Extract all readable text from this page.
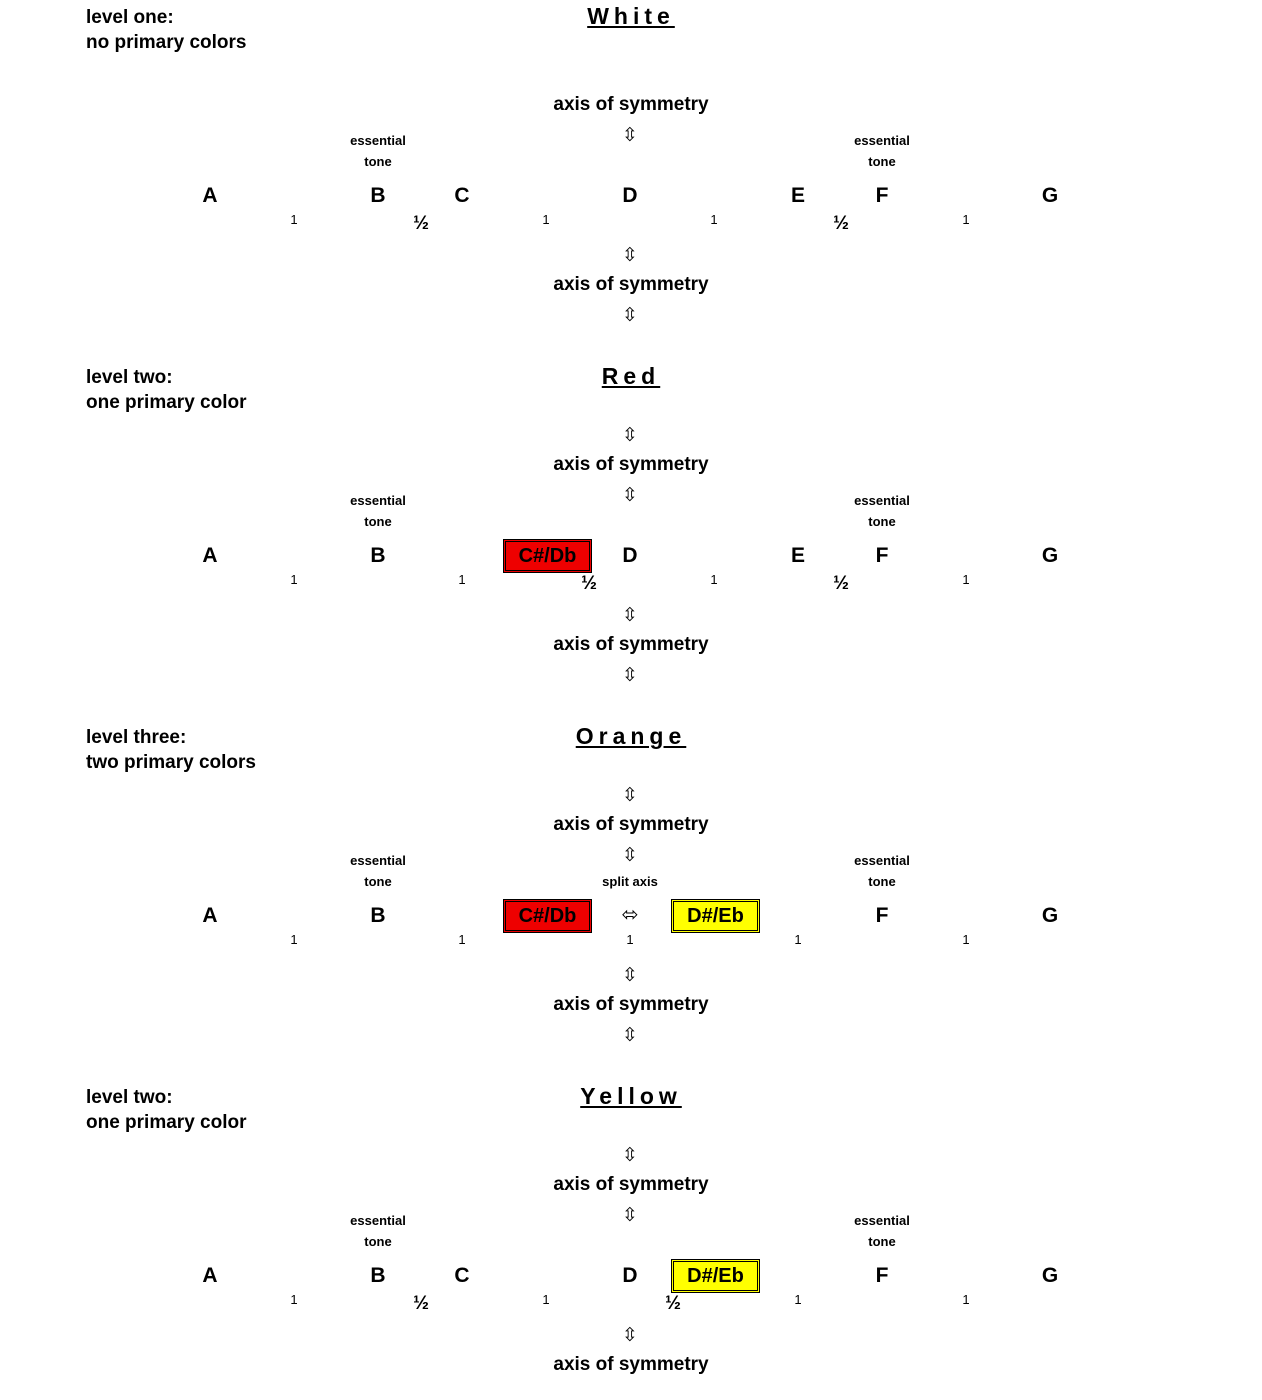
level one:
no primary colors
White
axis of symmetry
⇳
essential
tone
essential
tone
A	B	C	D	E	F	G
1	½	1	1	½	1
⇳
axis of symmetry
⇳
level two:
one primary color
Red
⇳
axis of symmetry
⇳
essential
tone
essential
tone
A	B	C#/Db	D	E	F	G
1	1	½	1	½	1
⇳
axis of symmetry
⇳
level three:
two primary colors
Orange
⇳
axis of symmetry
⇳
split axis
essential
tone
essential
tone
A	B	C#/Db	⬄	D#/Eb	F	G
1	1	1	1	1
⇳
axis of symmetry
⇳
level two:
one primary color
Yellow
⇳
axis of symmetry
⇳
essential
tone
essential
tone
A	B	C	D	D#/Eb	F	G
1	½	1	½	1	1
⇳
axis of symmetry
